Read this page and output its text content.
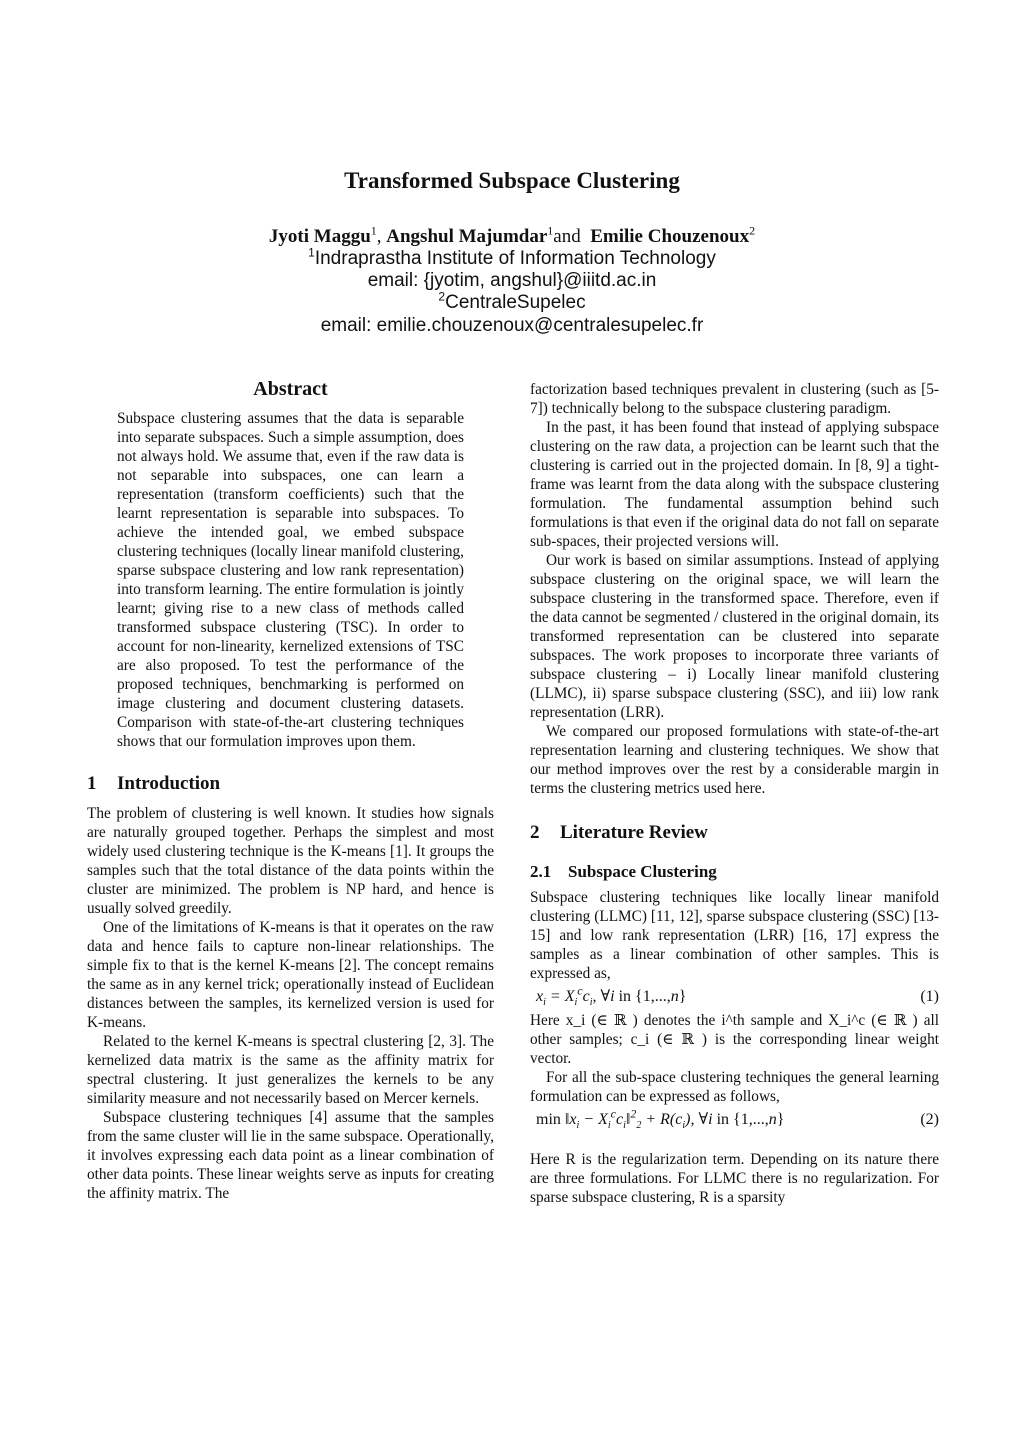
Transformed Subspace Clustering
Jyoti Maggu$^1$, Angshul Majumdar$^1$and  Emilie Chouzenoux$^2$
$^1$Indraprastha Institute of Information Technology
email: {jyotim, angshul}@iiitd.ac.in
$^2$CentraleSupelec
email: emilie.chouzenoux@centralesupelec.fr
Abstract

Subspace clustering assumes that the data is separable into separate subspaces. Such a simple assumption, does not always hold. We assume that, even if the raw data is not separable into subspaces, one can learn a representation (transform coefficients) such that the learnt representation is separable into subspaces. To achieve the intended goal, we embed subspace clustering techniques (locally linear manifold clustering, sparse subspace clustering and low rank representation) into transform learning. The entire formulation is jointly learnt; giving rise to a new class of methods called transformed subspace clustering (TSC). In order to account for non-linearity, kernelized extensions of TSC are also proposed. To test the performance of the proposed techniques, benchmarking is performed on image clustering and document clustering datasets. Comparison with state-of-the-art clustering techniques shows that our formulation improves upon them.

1 Introduction

The problem of clustering is well known. It studies how signals are naturally grouped together. Perhaps the simplest and most widely used clustering technique is the K-means [1]. It groups the samples such that the total distance of the data points within the cluster are minimized. The problem is NP hard, and hence is usually solved greedily.

One of the limitations of K-means is that it operates on the raw data and hence fails to capture non-linear relationships. The simple fix to that is the kernel K-means [2]. The concept remains the same as in any kernel trick; operationally instead of Euclidean distances between the samples, its kernelized version is used for K-means.

Related to the kernel K-means is spectral clustering [2, 3]. The kernelized data matrix is the same as the affinity matrix for spectral clustering. It just generalizes the kernels to be any similarity measure and not necessarily based on Mercer kernels.

Subspace clustering techniques [4] assume that the samples from the same cluster will lie in the same subspace. Operationally, it involves expressing each data point as a linear combination of other data points. These linear weights serve as inputs for creating the affinity matrix. The

factorization based techniques prevalent in clustering (such as [5-7]) technically belong to the subspace clustering paradigm.

In the past, it has been found that instead of applying subspace clustering on the raw data, a projection can be learnt such that the clustering is carried out in the projected domain. In [8, 9] a tight-frame was learnt from the data along with the subspace clustering formulation. The fundamental assumption behind such formulations is that even if the original data do not fall on separate sub-spaces, their projected versions will.

Our work is based on similar assumptions. Instead of applying subspace clustering on the original space, we will learn the subspace clustering in the transformed space. Therefore, even if the data cannot be segmented / clustered in the original domain, its transformed representation can be clustered into separate subspaces. The work proposes to incorporate three variants of subspace clustering – i) Locally linear manifold clustering (LLMC), ii) sparse subspace clustering (SSC), and iii) low rank representation (LRR).

We compared our proposed formulations with state-of-the-art representation learning and clustering techniques. We show that our method improves over the rest by a considerable margin in terms the clustering metrics used here.

2 Literature Review
2.1 Subspace Clustering

Subspace clustering techniques like locally linear manifold clustering (LLMC) [11, 12], sparse subspace clustering (SSC) [13-15] and low rank representation (LRR) [16, 17] express the samples as a linear combination of other samples. This is expressed as,

$x_i = X_i^cc_i$, ∀i in {1,...,n}	(1)

Here x_i (∈ ℝ ) denotes the i^th sample and X_i^c (∈ ℝ ) all other samples; c_i (∈ ℝ ) is the corresponding linear weight vector.

For all the sub-space clustering techniques the general learning formulation can be expressed as follows,

$\min ‖x_i$ − $X_i^cc_i‖^2_2 + R(c_i)$, ∀i in {1,...,n}	(2)

Here R is the regularization term. Depending on its nature there are three formulations. For LLMC there is no regularization. For sparse subspace clustering, R is a sparsity
